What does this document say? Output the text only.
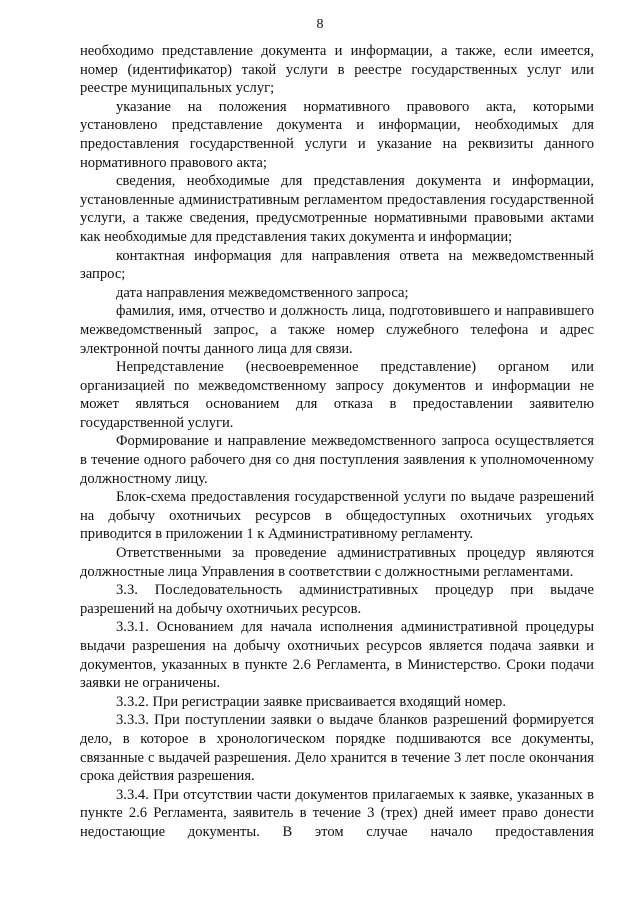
8

необходимо представление документа и информации, а также, если имеется, номер (идентификатор) такой услуги в реестре государственных услуг или реестре муниципальных услуг;

указание на положения нормативного правового акта, которыми установлено представление документа и информации, необходимых для предоставления государственной услуги и указание на реквизиты данного нормативного правового акта;

сведения, необходимые для представления документа и информации, установленные административным регламентом предоставления государственной услуги, а также сведения, предусмотренные нормативными правовыми актами как необходимые для представления таких документа и информации;

контактная информация для направления ответа на межведомственный запрос;

дата направления межведомственного запроса;

фамилия, имя, отчество и должность лица, подготовившего и направившего межведомственный запрос, а также номер служебного телефона и адрес электронной почты данного лица для связи.

Непредставление (несвоевременное представление) органом или организацией по межведомственному запросу документов и информации не может являться основанием для отказа в предоставлении заявителю государственной услуги.

Формирование и направление межведомственного запроса осуществляется в течение одного рабочего дня со дня поступления заявления к уполномоченному должностному лицу.

Блок-схема предоставления государственной услуги по выдаче разрешений на добычу охотничьих ресурсов в общедоступных охотничьих угодьях приводится в приложении 1 к Административному регламенту.

Ответственными за проведение административных процедур являются должностные лица Управления в соответствии с должностными регламентами.

3.3. Последовательность административных процедур при выдаче разрешений на добычу охотничьих ресурсов.

3.3.1. Основанием для начала исполнения административной процедуры выдачи разрешения на добычу охотничьих ресурсов является подача заявки и документов, указанных в пункте 2.6 Регламента, в Министерство. Сроки подачи заявки не ограничены.

3.3.2. При регистрации заявке присваивается входящий номер.

3.3.3. При поступлении заявки о выдаче бланков разрешений формируется дело, в которое в хронологическом порядке подшиваются все документы, связанные с выдачей разрешения. Дело хранится в течение 3 лет после окончания срока действия разрешения.

3.3.4. При отсутствии части документов прилагаемых к заявке, указанных в пункте 2.6 Регламента, заявитель в течение 3 (трех) дней имеет право донести недостающие документы. В этом случае начало предоставления
